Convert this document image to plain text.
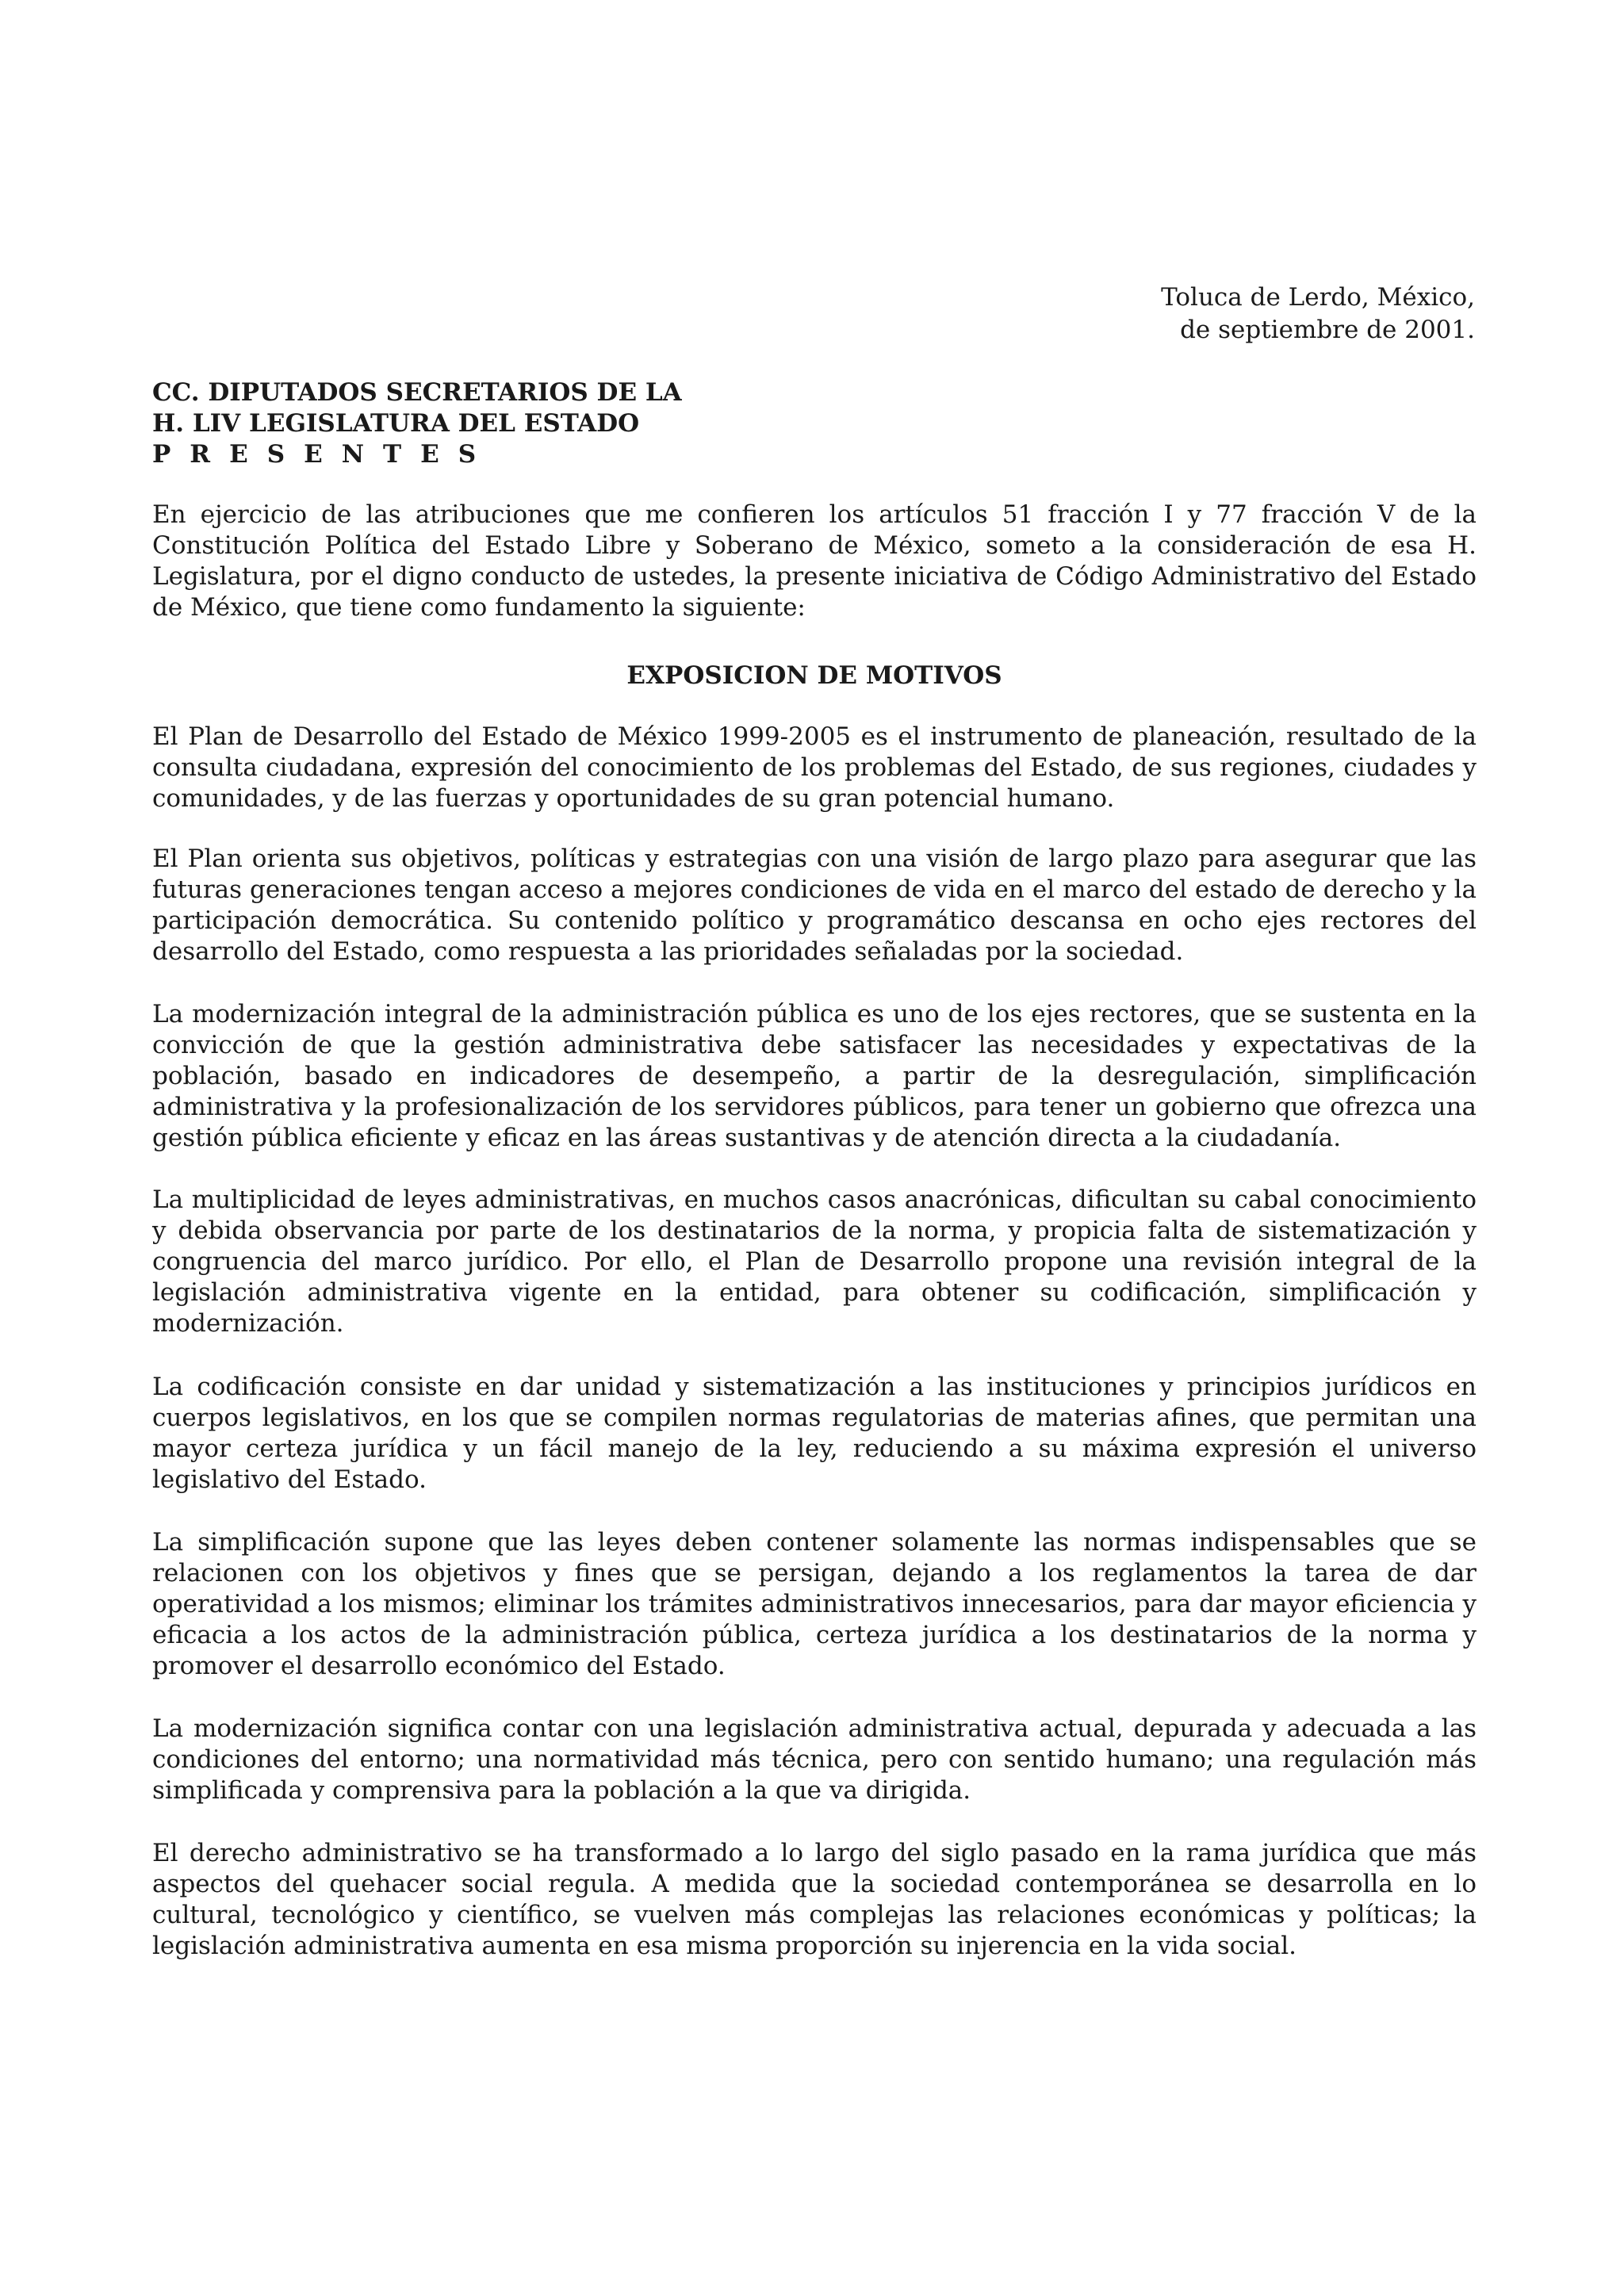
Toluca de Lerdo, México,
de septiembre de 2001.
CC. DIPUTADOS SECRETARIOS DE LA
H. LIV LEGISLATURA DEL ESTADO
PRESENTES
En ejercicio de las atribuciones que me confieren los artículos 51 fracción I y 77 fracción V de la Constitución Política del Estado Libre y Soberano de México, someto a la consideración de esa H. Legislatura, por el digno conducto de ustedes, la presente iniciativa de Código Administrativo del Estado de México, que tiene como fundamento la siguiente:
EXPOSICION DE MOTIVOS
El Plan de Desarrollo del Estado de México 1999-2005 es el instrumento de planeación, resultado de la consulta ciudadana, expresión del conocimiento de los problemas del Estado, de sus regiones, ciudades y comunidades, y de las fuerzas y oportunidades de su gran potencial humano.
El Plan orienta sus objetivos, políticas y estrategias con una visión de largo plazo para asegurar que las futuras generaciones tengan acceso a mejores condiciones de vida en el marco del estado de derecho y la participación democrática. Su contenido político y programático descansa en ocho ejes rectores del desarrollo del Estado, como respuesta a las prioridades señaladas por la sociedad.
La modernización integral de la administración pública es uno de los ejes rectores, que se sustenta en la convicción de que la gestión administrativa debe satisfacer las necesidades y expectativas de la población, basado en indicadores de desempeño, a partir de la desregulación, simplificación administrativa y la profesionalización de los servidores públicos, para tener un gobierno que ofrezca una gestión pública eficiente y eficaz en las áreas sustantivas y de atención directa a la ciudadanía.
La multiplicidad de leyes administrativas, en muchos casos anacrónicas, dificultan su cabal conocimiento y debida observancia por parte de los destinatarios de la norma, y propicia falta de sistematización y congruencia del marco jurídico. Por ello, el Plan de Desarrollo propone una revisión integral de la legislación administrativa vigente en la entidad, para obtener su codificación, simplificación y modernización.
La codificación consiste en dar unidad y sistematización a las instituciones y principios jurídicos en cuerpos legislativos, en los que se compilen normas regulatorias de materias afines, que permitan una mayor certeza jurídica y un fácil manejo de la ley, reduciendo a su máxima expresión el universo legislativo del Estado.
La simplificación supone que las leyes deben contener solamente las normas indispensables que se relacionen con los objetivos y fines que se persigan, dejando a los reglamentos la tarea de dar operatividad a los mismos; eliminar los trámites administrativos innecesarios, para dar mayor eficiencia y eficacia a los actos de la administración pública, certeza jurídica a los destinatarios de la norma y promover el desarrollo económico del Estado.
La modernización significa contar con una legislación administrativa actual, depurada y adecuada a las condiciones del entorno; una normatividad más técnica, pero con sentido humano; una regulación más simplificada y comprensiva para la población a la que va dirigida.
El derecho administrativo se ha transformado a lo largo del siglo pasado en la rama jurídica que más aspectos del quehacer social regula. A medida que la sociedad contemporánea se desarrolla en lo cultural, tecnológico y científico, se vuelven más complejas las relaciones económicas y políticas; la legislación administrativa aumenta en esa misma proporción su injerencia en la vida social.
